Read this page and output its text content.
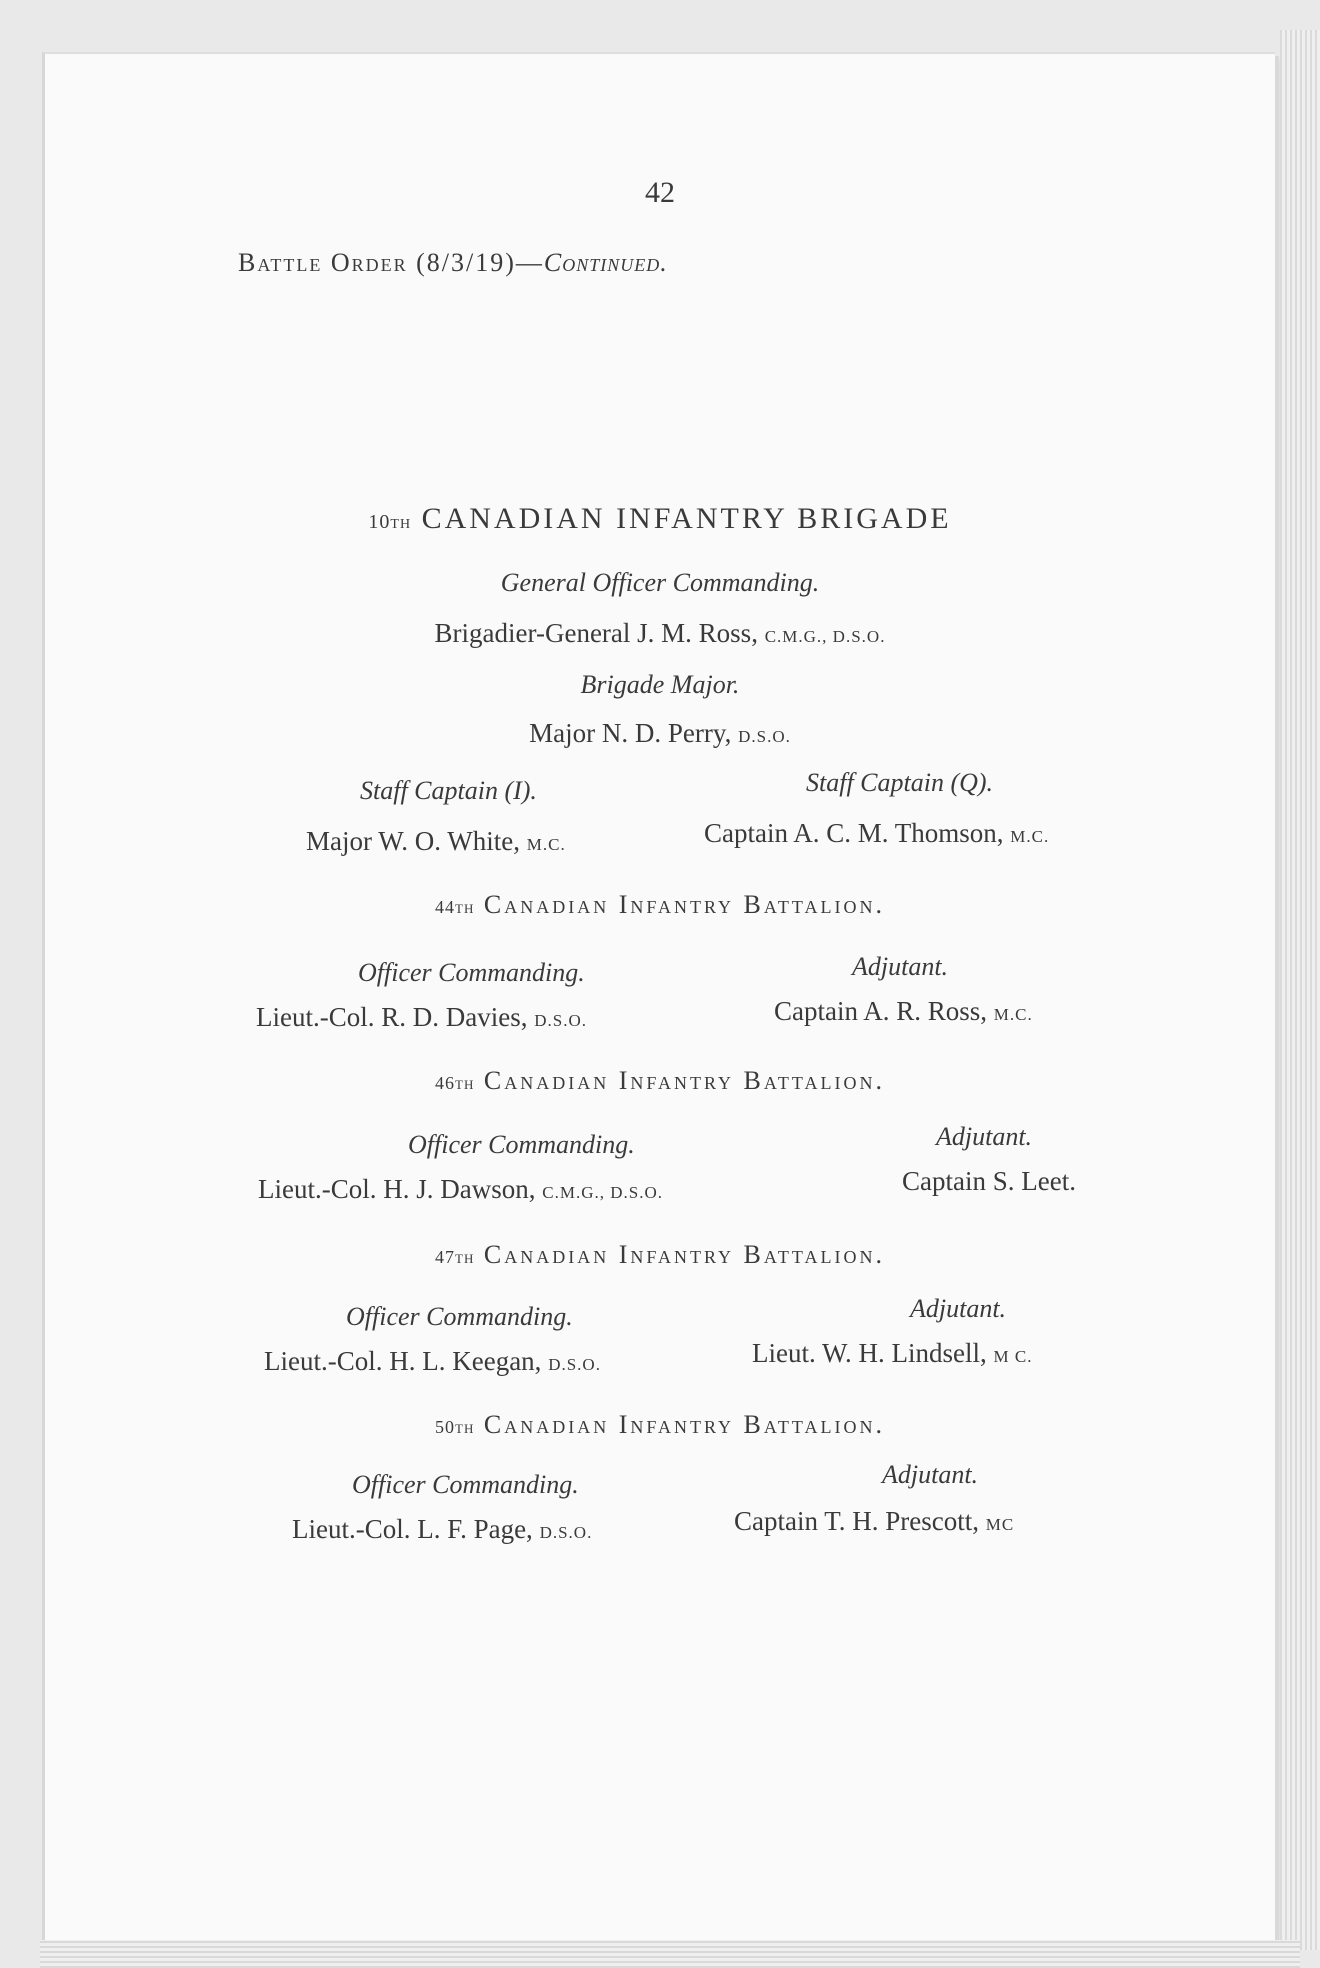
42
Battle Order (8/3/19)—Continued.
10th CANADIAN INFANTRY BRIGADE
General Officer Commanding.
Brigadier-General J. M. Ross, C.M.G., D.S.O.
Brigade Major.
Major N. D. Perry, D.S.O.
Staff Captain (I).	Staff Captain (Q).
Major W. O. White, M.C.	Captain A. C. M. Thomson, M.C.
44th Canadian Infantry Battalion.
Officer Commanding.	Adjutant.
Lieut.-Col. R. D. Davies, D.S.O.	Captain A. R. Ross, M.C.
46th Canadian Infantry Battalion.
Officer Commanding.	Adjutant.
Lieut.-Col. H. J. Dawson, C.M.G., D.S.O.	Captain S. Leet.
47th Canadian Infantry Battalion.
Officer Commanding.	Adjutant.
Lieut.-Col. H. L. Keegan, D.S.O.	Lieut. W. H. Lindsell, M C.
50th Canadian Infantry Battalion.
Officer Commanding.	Adjutant.
Lieut.-Col. L. F. Page, D.S.O.	Captain T. H. Prescott, MC
